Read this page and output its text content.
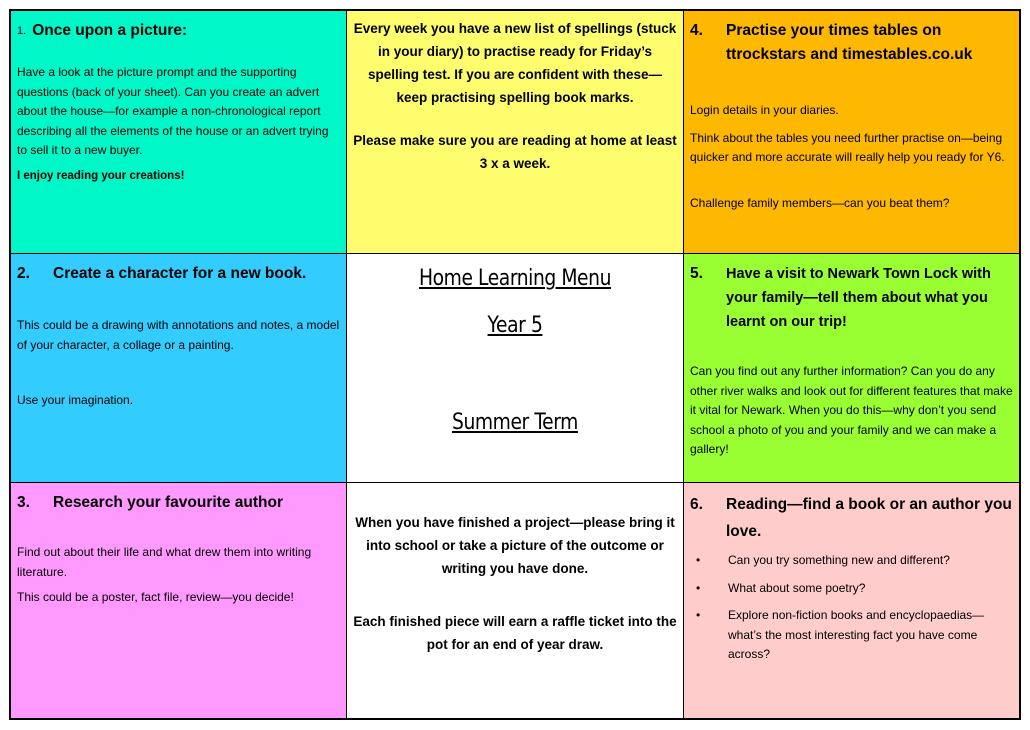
1. Once upon a picture:

Have a look at the picture prompt and the supporting questions (back of your sheet). Can you create an advert about the house—for example a non-chronological report describing all the elements of the house or an advert trying to sell it to a new buyer.

I enjoy reading your creations!

Every week you have a new list of spellings (stuck in your diary) to practise ready for Friday’s spelling test. If you are confident with these—keep practising spelling book marks.
Please make sure you are reading at home at least 3 x a week.
4.	Practise your times tables on ttrockstars and timestables.co.uk

Login details in your diaries.

Think about the tables you need further practise on—being quicker and more accurate will really help you ready for Y6.

Challenge family members—can you beat them?

2.	Create a character for a new book.

This could be a drawing with annotations and notes, a model of your character, a collage or a painting.

Use your imagination.

Home Learning Menu
Year 5
Summer Term
5.	Have a visit to Newark Town Lock with your family—tell them about what you learnt on our trip!

Can you find out any further information? Can you do any other river walks and look out for different features that make it vital for Newark. When you do this—why don’t you send school a photo of you and your family and we can make a gallery!

3.	Research your favourite author

Find out about their life and what drew them into writing literature.

This could be a poster, fact file, review—you decide!

When you have finished a project—please bring it into school or take a picture of the outcome or writing you have done.
Each finished piece will earn a raffle ticket into the pot for an end of year draw.
6.	Reading—find a book or an author you love.
•	Can you try something new and different?
•	What about some poetry?
•	Explore non-fiction books and encyclopaedias—what’s the most interesting fact you have come across?
